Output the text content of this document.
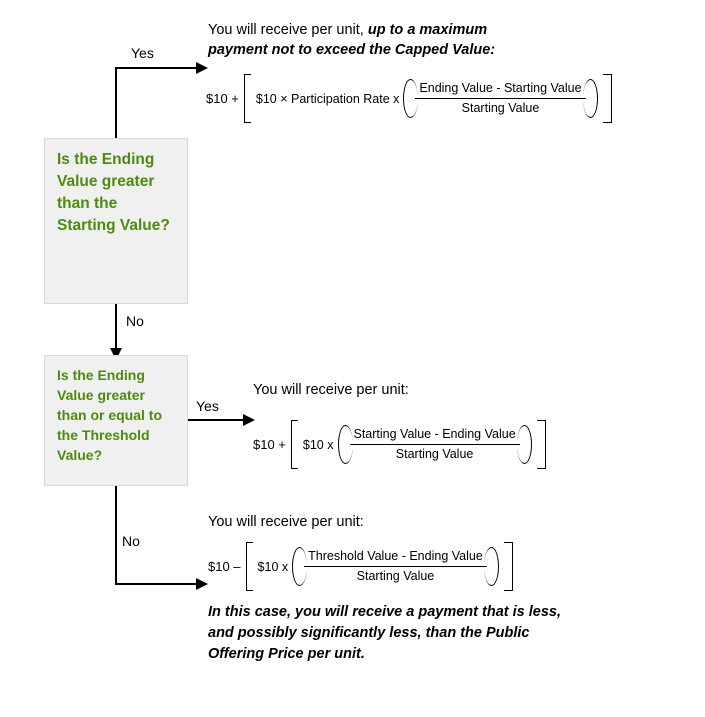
Is the Ending Value greater than the Starting Value?
Is the Ending Value greater than or equal to the Threshold Value?
Yes
No
Yes
No
You will receive per unit, up to a maximum payment not to exceed the Capped Value:
$10 + $10 × Participation Rate x $\frac{\text{Ending Value - Starting Value}}{\text{Starting Value}}$
You will receive per unit:
$10 + $10 x $\frac{\text{Starting Value - Ending Value}}{\text{Starting Value}}$
You will receive per unit:
$10 – $10 x $\frac{\text{Threshold Value - Ending Value}}{\text{Starting Value}}$
In this case, you will receive a payment that is less, and possibly significantly less, than the Public Offering Price per unit.
